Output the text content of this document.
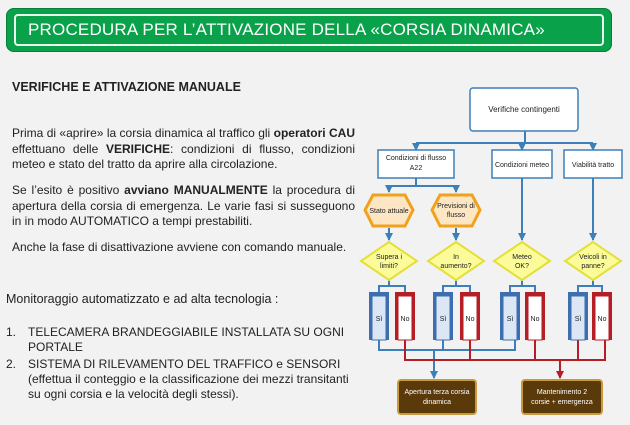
PROCEDURA PER L’ATTIVAZIONE DELLA «CORSIA DINAMICA»
VERIFICHE E ATTIVAZIONE MANUALE
Prima di «aprire» la corsia dinamica al traffico gli operatori CAU effettuano delle VERIFICHE: condizioni di flusso, condizioni meteo e stato del tratto da aprire alla circolazione.
Se l’esito è positivo avviano MANUALMENTE la procedura di apertura della corsia di emergenza. Le varie fasi si susseguono in in modo AUTOMATICO a tempi prestabiliti.
Anche la fase di disattivazione avviene con comando manuale.
Monitoraggio automatizzato e ad alta tecnologia :
1. TELECAMERA BRANDEGGIABILE INSTALLATA SU OGNI PORTALE
2. SISTEMA DI RILEVAMENTO DEL TRAFFICO e SENSORI (effettua il conteggio e la classificazione dei mezzi transitanti su ogni corsia e la velocità degli stessi).
Verifiche contingenti
Condizioni di flusso A22	Condizioni meteo	Viabilità tratto
Stato attuale
Previsioni di flusso
Supera i
limiti?
In
aumento?
Meteo
OK?
Veicoli in
panne?
Sì	No	Sì	No	Sì No	Sì No
Apertura terza corsia
dinamica
Mantenimento 2
corsie + emergenza
